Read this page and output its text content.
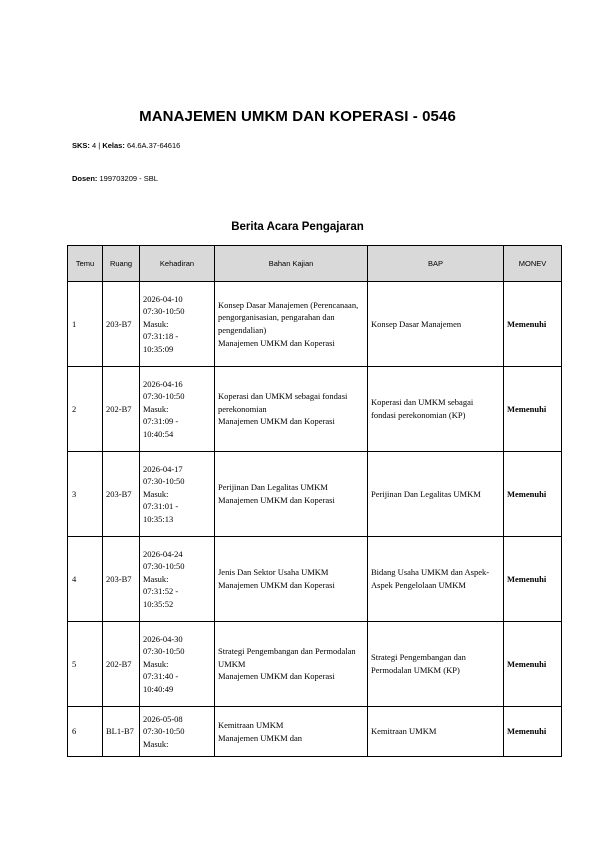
MANAJEMEN UMKM DAN KOPERASI - 0546
SKS: 4 | Kelas: 64.6A.37-64616
Dosen: 199703209 - SBL
Berita Acara Pengajaran
Temu	Ruang	Kehadiran	Bahan Kajian	BAP	MONEV
1	203-B7	2026-04-10
07:30-10:50
Masuk:
07:31:18 -
10:35:09	Konsep Dasar Manajemen (Perencanaan, pengorganisasian, pengarahan dan pengendalian)
Manajemen UMKM dan Koperasi	Konsep Dasar Manajemen	Memenuhi
2	202-B7	2026-04-16
07:30-10:50
Masuk:
07:31:09 -
10:40:54	Koperasi dan UMKM sebagai fondasi perekonomian
Manajemen UMKM dan Koperasi	Koperasi dan UMKM sebagai fondasi perekonomian (KP)	Memenuhi
3	203-B7	2026-04-17
07:30-10:50
Masuk:
07:31:01 -
10:35:13	Perijinan Dan Legalitas UMKM
Manajemen UMKM dan Koperasi	Perijinan Dan Legalitas UMKM	Memenuhi
4	203-B7	2026-04-24
07:30-10:50
Masuk:
07:31:52 -
10:35:52	Jenis Dan Sektor Usaha UMKM
Manajemen UMKM dan Koperasi	Bidang Usaha UMKM dan Aspek-Aspek Pengelolaan UMKM	Memenuhi
5	202-B7	2026-04-30
07:30-10:50
Masuk:
07:31:40 -
10:40:49	Strategi Pengembangan dan Permodalan UMKM
Manajemen UMKM dan Koperasi	Strategi Pengembangan dan Permodalan UMKM (KP)	Memenuhi
6	BL1-B7	2026-05-08
07:30-10:50
Masuk:	Kemitraan UMKM
Manajemen UMKM dan	Kemitraan UMKM	Memenuhi
